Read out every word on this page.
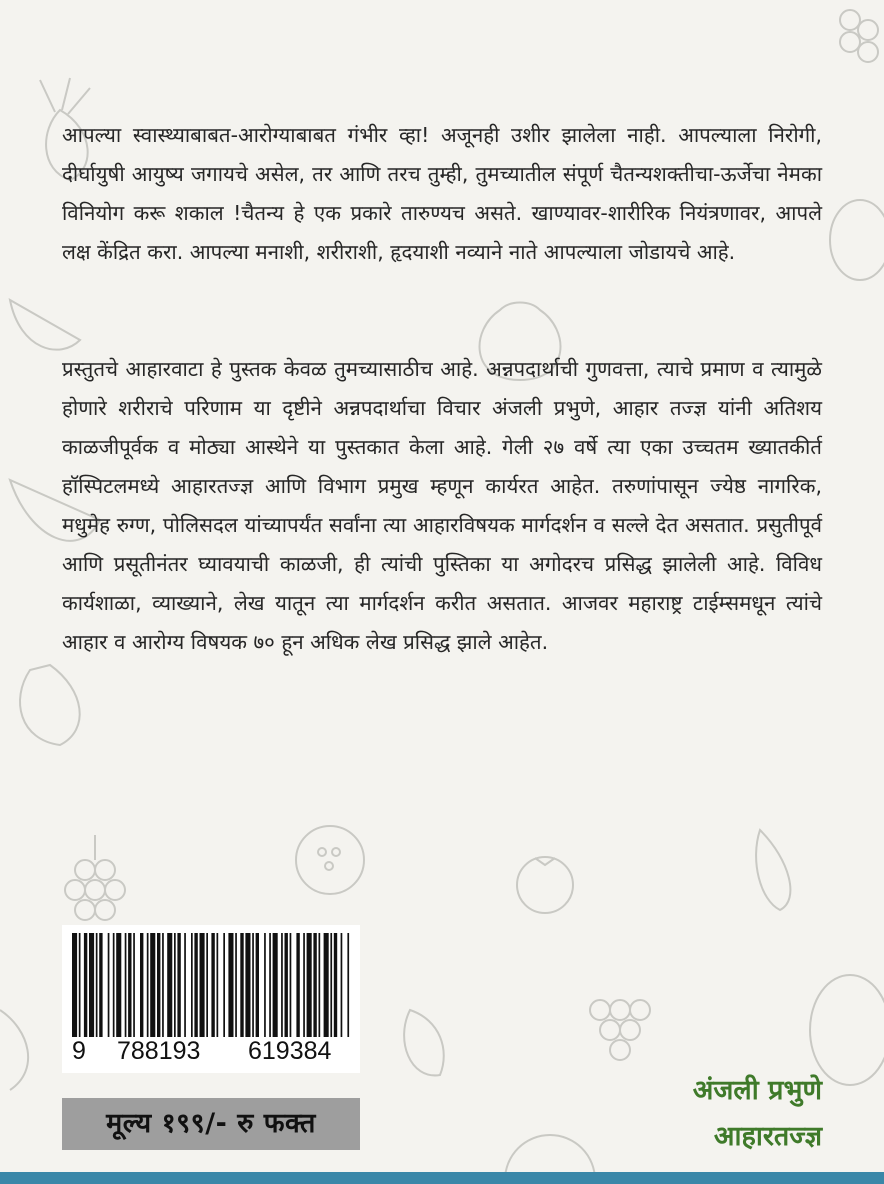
आपल्या स्वास्थ्याबाबत-आरोग्याबाबत गंभीर व्हा! अजूनही उशीर झालेला नाही. आपल्याला निरोगी, दीर्घायुषी आयुष्य जगायचे असेल, तर आणि तरच तुम्ही, तुमच्यातील संपूर्ण चैतन्यशक्तीचा-ऊर्जेचा नेमका विनियोग करू शकाल !चैतन्य हे एक प्रकारे तारुण्यच असते. खाण्यावर-शारीरिक नियंत्रणावर, आपले लक्ष केंद्रित करा. आपल्या मनाशी, शरीराशी, हृदयाशी नव्याने नाते आपल्याला जोडायचे आहे.

प्रस्तुतचे आहारवाटा हे पुस्तक केवळ तुमच्यासाठीच आहे. अन्नपदार्थाची गुणवत्ता, त्याचे प्रमाण व त्यामुळे होणारे शरीराचे परिणाम या दृष्टीने अन्नपदार्थाचा विचार अंजली प्रभुणे, आहार तज्ज्ञ यांनी अतिशय काळजीपूर्वक व मोठ्या आस्थेने या पुस्तकात केला आहे. गेली २७ वर्षे त्या एका उच्चतम ख्यातकीर्त हॉस्पिटलमध्ये आहारतज्ज्ञ आणि विभाग प्रमुख म्हणून कार्यरत आहेत. तरुणांपासून ज्येष्ठ नागरिक, मधुमेह रुग्ण, पोलिसदल यांच्यापर्यंत सर्वांना त्या आहारविषयक मार्गदर्शन व सल्ले देत असतात. प्रसुतीपूर्व आणि प्रसूतीनंतर घ्यावयाची काळजी, ही त्यांची पुस्तिका या अगोदरच प्रसिद्ध झालेली आहे. विविध कार्यशाळा, व्याख्याने, लेख यातून त्या मार्गदर्शन करीत असतात. आजवर महाराष्ट्र टाईम्समधून त्यांचे आहार व आरोग्य विषयक ७० हून अधिक लेख प्रसिद्ध झाले आहेत.

9 788193 619384
मूल्य १९९/- रु फक्त
अंजली प्रभुणे
आहारतज्ज्ञ
